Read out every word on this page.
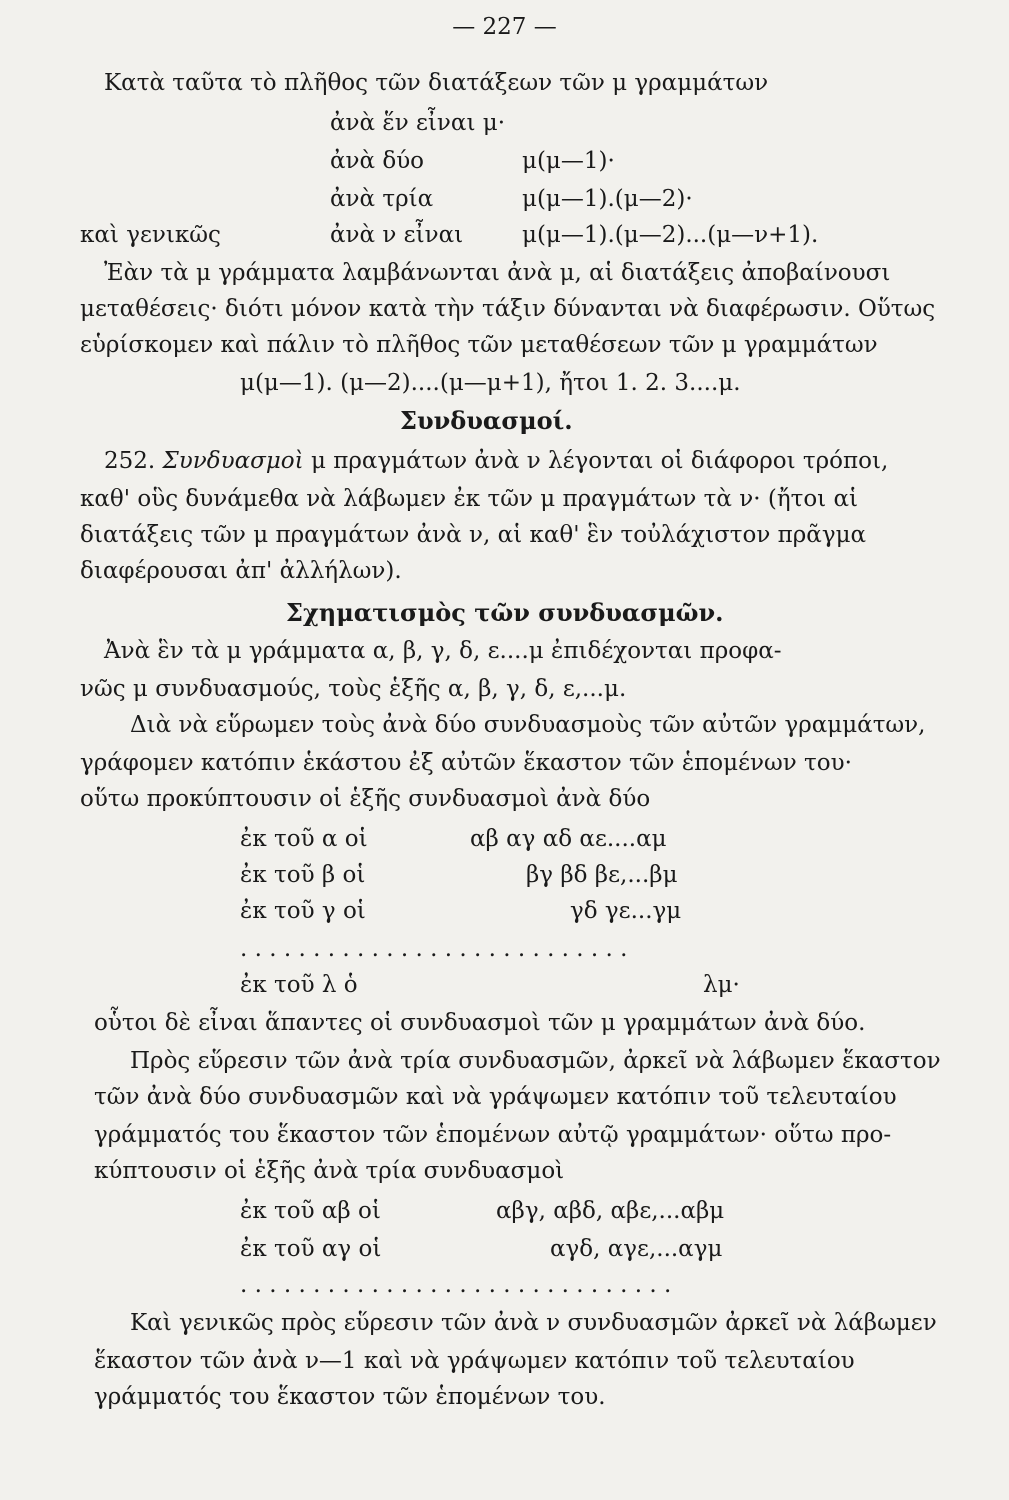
— 227 —
Κατὰ ταῦτα τὸ πλῆθος τῶν διατάξεων τῶν μ γραμμάτων
ἀνὰ ἕν εἶναι μ·
ἀνὰ δύο	μ(μ—1)·
ἀνὰ τρία	μ(μ—1).(μ—2)·
καὶ γενικῶς	ἀνὰ ν εἶναι	μ(μ—1).(μ—2)...(μ—ν+1).
Ἐὰν τὰ μ γράμματα λαμβάνωνται ἀνὰ μ, αἱ διατάξεις ἀποβαίνουσι
μεταθέσεις· διότι μόνον κατὰ τὴν τάξιν δύνανται νὰ διαφέρωσιν. Οὕτως
εὑρίσκομεν καὶ πάλιν τὸ πλῆθος τῶν μεταθέσεων τῶν μ γραμμάτων
μ(μ—1). (μ—2)....(μ—μ+1), ἤτοι 1. 2. 3....μ.
Συνδυασμοί.
252. Συνδυασμοὶ μ πραγμάτων ἀνὰ ν λέγονται οἱ διάφοροι τρόποι,
καθ' οὓς δυνάμεθα νὰ λάβωμεν ἐκ τῶν μ πραγμάτων τὰ ν· (ἤτοι αἱ
διατάξεις τῶν μ πραγμάτων ἀνὰ ν, αἱ καθ' ἓν τοὐλάχιστον πρᾶγμα
διαφέρουσαι ἀπ' ἀλλήλων).
Σχηματισμὸς τῶν συνδυασμῶν.
Ἀνὰ ἓν τὰ μ γράμματα α, β, γ, δ, ε....μ ἐπιδέχονται προφα-
νῶς μ συνδυασμούς, τοὺς ἑξῆς α, β, γ, δ, ε,...μ.
Διὰ νὰ εὕρωμεν τοὺς ἀνὰ δύο συνδυασμοὺς τῶν αὐτῶν γραμμάτων,
γράφομεν κατόπιν ἑκάστου ἐξ αὐτῶν ἕκαστον τῶν ἑπομένων του·
οὕτω προκύπτουσιν οἱ ἑξῆς συνδυασμοὶ ἀνὰ δύο
ἐκ τοῦ α οἱ	αβ αγ αδ αε....αμ
ἐκ τοῦ β οἱ	βγ βδ βε,...βμ
ἐκ τοῦ γ οἱ	γδ γε...γμ
. . . . . . . . . . . . . . . . . . . . . . . . . . .
ἐκ τοῦ λ ὁ	λμ·
οὗτοι δὲ εἶναι ἅπαντες οἱ συνδυασμοὶ τῶν μ γραμμάτων ἀνὰ δύο.
Πρὸς εὕρεσιν τῶν ἀνὰ τρία συνδυασμῶν, ἀρκεῖ νὰ λάβωμεν ἕκαστον
τῶν ἀνὰ δύο συνδυασμῶν καὶ νὰ γράψωμεν κατόπιν τοῦ τελευταίου
γράμματός του ἕκαστον τῶν ἑπομένων αὐτῷ γραμμάτων· οὕτω προ-
κύπτουσιν οἱ ἑξῆς ἀνὰ τρία συνδυασμοὶ
ἐκ τοῦ αβ οἱ	αβγ, αβδ, αβε,...αβμ
ἐκ τοῦ αγ οἱ	αγδ, αγε,...αγμ
. . . . . . . . . . . . . . . . . . . . . . . . . . . . . .
Καὶ γενικῶς πρὸς εὕρεσιν τῶν ἀνὰ ν συνδυασμῶν ἀρκεῖ νὰ λάβωμεν
ἕκαστον τῶν ἀνὰ ν—1 καὶ νὰ γράψωμεν κατόπιν τοῦ τελευταίου
γράμματός του ἕκαστον τῶν ἑπομένων του.
